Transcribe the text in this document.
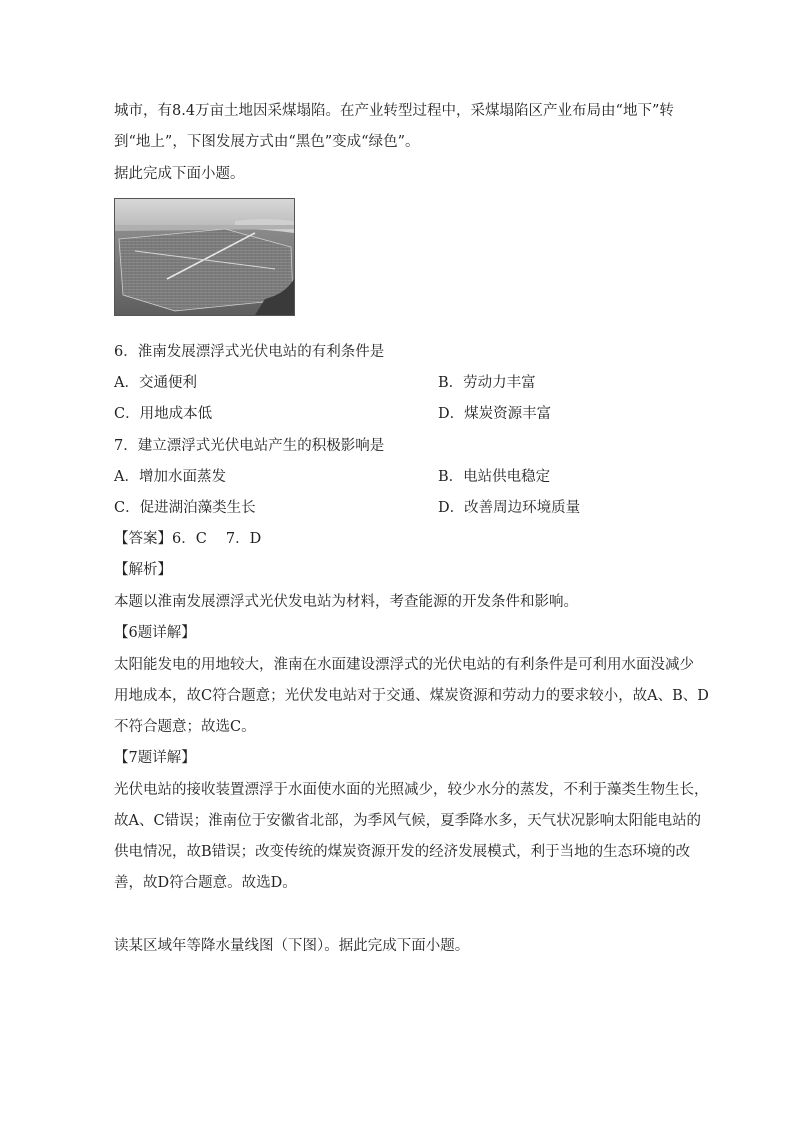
城市，有8.4万亩土地因采煤塌陷。在产业转型过程中，采煤塌陷区产业布局由“地下”转
到“地上”，下图发展方式由“黑色”变成“绿色”。
据此完成下面小题。
6．淮南发展漂浮式光伏电站的有利条件是
A．交通便利	B．劳动力丰富
C．用地成本低	D．煤炭资源丰富
7．建立漂浮式光伏电站产生的积极影响是
A．增加水面蒸发	B．电站供电稳定
C．促进湖泊藻类生长	D．改善周边环境质量
【答案】6．C　 7．D
【解析】
本题以淮南发展漂浮式光伏发电站为材料，考查能源的开发条件和影响。
【6题详解】
太阳能发电的用地较大，淮南在水面建设漂浮式的光伏电站的有利条件是可利用水面没减少
用地成本，故C符合题意；光伏发电站对于交通、煤炭资源和劳动力的要求较小，故A、B、D
不符合题意；故选C。
【7题详解】
光伏电站的接收装置漂浮于水面使水面的光照减少，较少水分的蒸发，不利于藻类生物生长，
故A、C错误；淮南位于安徽省北部，为季风气候，夏季降水多，天气状况影响太阳能电站的
供电情况，故B错误；改变传统的煤炭资源开发的经济发展模式，利于当地的生态环境的改
善，故D符合题意。故选D。
读某区域年等降水量线图（下图）。据此完成下面小题。
